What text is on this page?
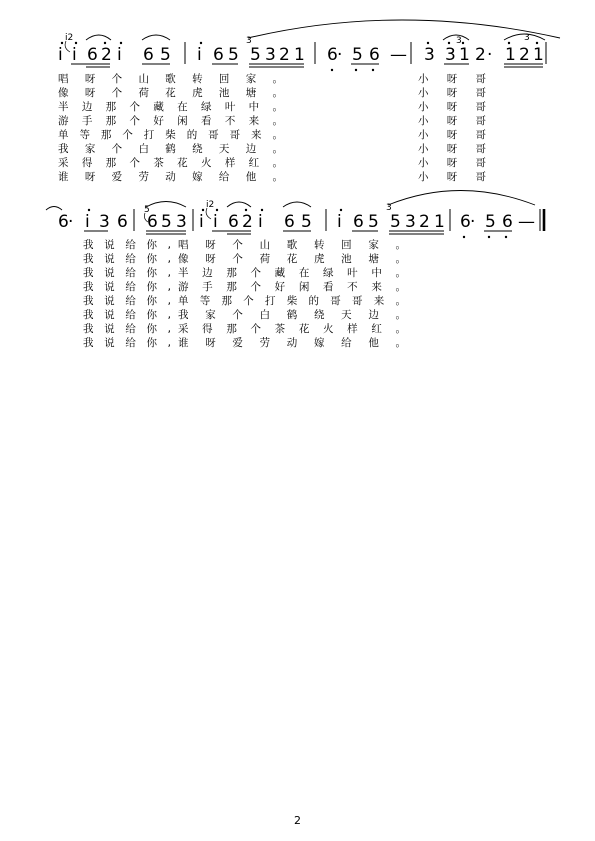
i i 6 2 i 6 5 i 6 5 5 3 2 1 6 · 5 6 — 3 3 1 2 · 1 2 1
i2	3	3	3
唱呀个山歌转回家。
像呀个荷花虎池塘。
半边那个藏在绿叶中。
游手那个好闲看不来。
单等那个打柴的哥哥来。
我家个白鹤绕天边。
采得那个茶花火样红。
谁呀爱劳动嫁给他。
小呀哥
小呀哥
小呀哥
小呀哥
小呀哥
小呀哥
小呀哥
小呀哥
6 · i 3 6 6 5 3 i i 6 2 i 6 5 i 6 5 5 3 2 1 6 · 5 6 —
5	i2	3
我说给你,
我说给你,
我说给你,
我说给你,
我说给你,
我说给你,
我说给你,
我说给你,
唱呀个山歌转回家。
像呀个荷花虎池塘。
半边那个藏在绿叶中。
游手那个好闲看不来。
单等那个打柴的哥哥来。
我家个白鹤绕天边。
采得那个茶花火样红。
谁呀爱劳动嫁给他。
2
